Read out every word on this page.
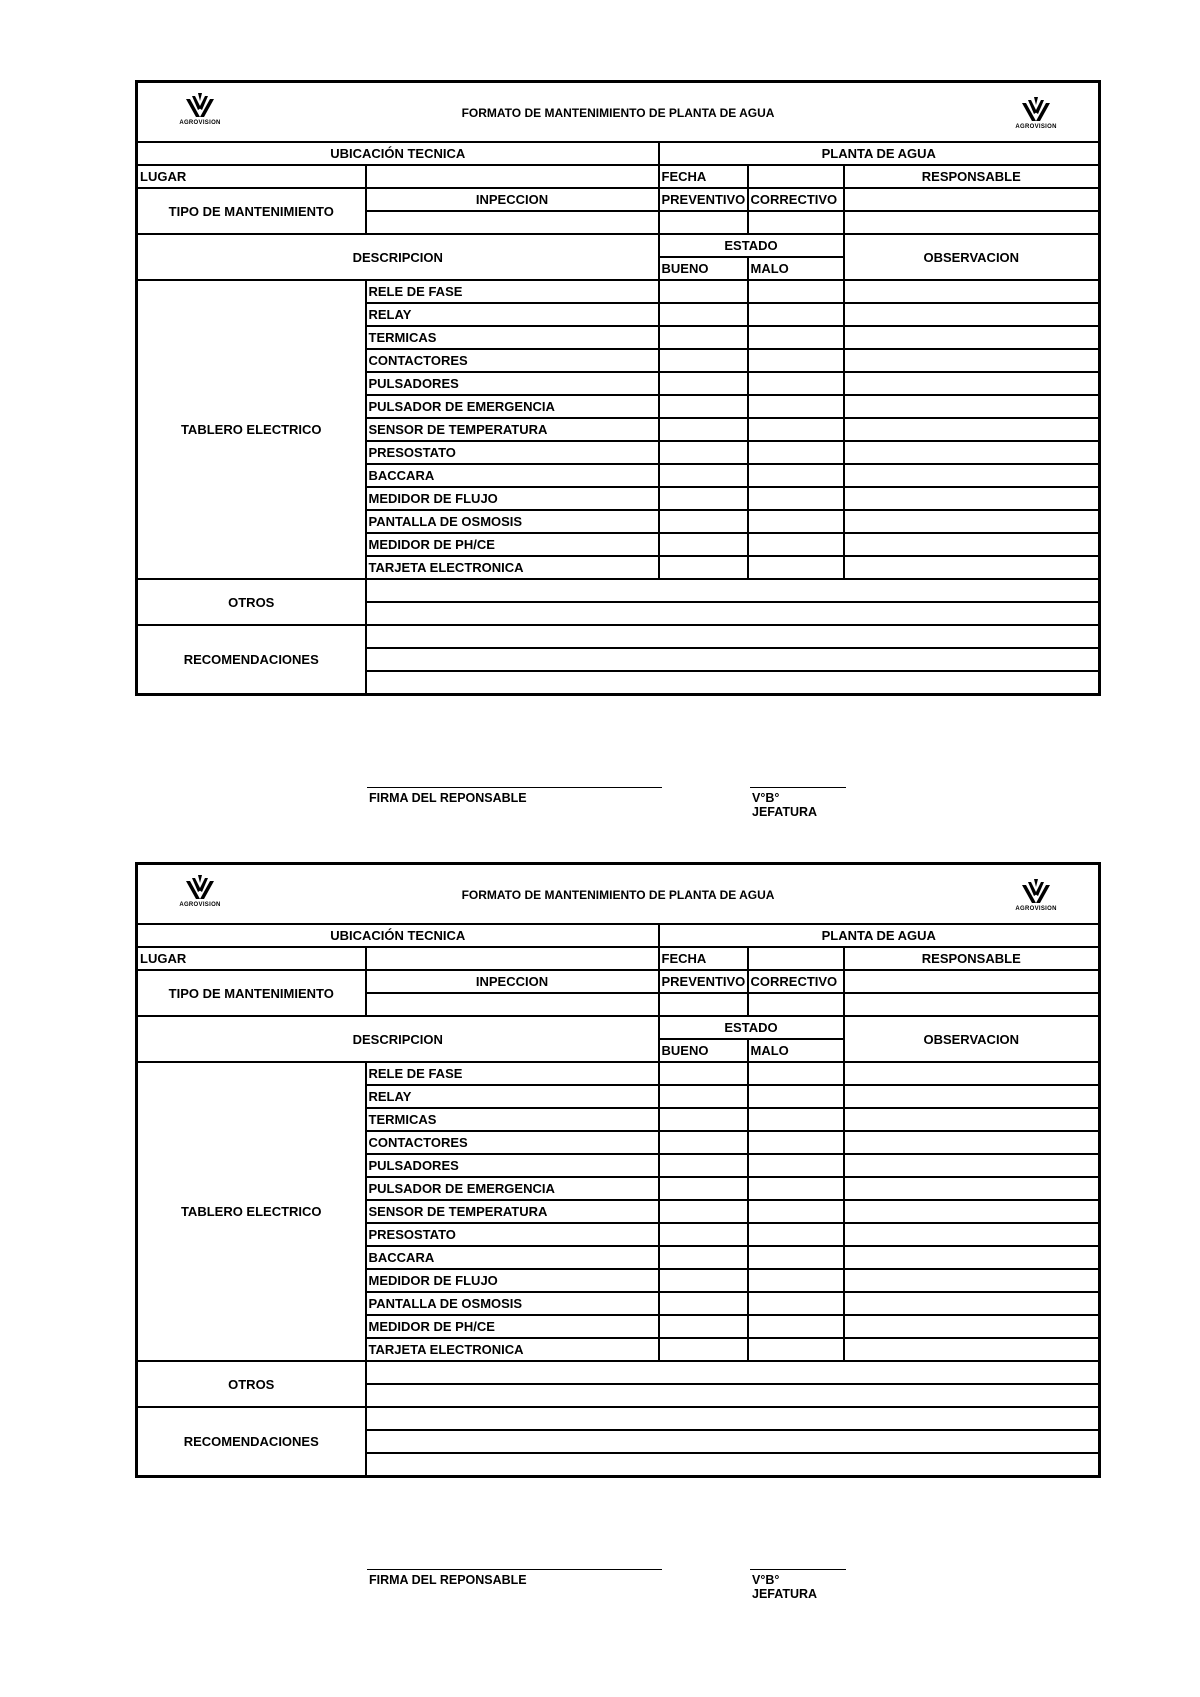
AGROVISION
FORMATO DE MANTENIMIENTO DE PLANTA DE AGUA
AGROVISION				

UBICACIÓN TECNICA		PLANTA DE AGUA		
LUGAR		FECHA		RESPONSABLE
TIPO DE MANTENIMIENTO	INPECCION	PREVENTIVO	CORRECTIVO	

DESCRIPCION		ESTADO		OBSERVACION
		BUENO	MALO	
TABLERO ELECTRICO	RELE DE FASE			
	RELAY			
	TERMICAS			
	CONTACTORES			
	PULSADORES			
	PULSADOR DE EMERGENCIA			
	SENSOR DE TEMPERATURA			
	PRESOSTATO			
	BACCARA			
	MEDIDOR DE FLUJO			
	PANTALLA DE OSMOSIS			
	MEDIDOR DE PH/CE			
	TARJETA ELECTRONICA			
OTROS				

RECOMENDACIONES				

FIRMA DEL REPONSABLE	V°B° JEFATURA
AGROVISION
FORMATO DE MANTENIMIENTO DE PLANTA DE AGUA
AGROVISION				

UBICACIÓN TECNICA		PLANTA DE AGUA		
LUGAR		FECHA		RESPONSABLE
TIPO DE MANTENIMIENTO	INPECCION	PREVENTIVO	CORRECTIVO	

DESCRIPCION		ESTADO		OBSERVACION
		BUENO	MALO	
TABLERO ELECTRICO	RELE DE FASE			
	RELAY			
	TERMICAS			
	CONTACTORES			
	PULSADORES			
	PULSADOR DE EMERGENCIA			
	SENSOR DE TEMPERATURA			
	PRESOSTATO			
	BACCARA			
	MEDIDOR DE FLUJO			
	PANTALLA DE OSMOSIS			
	MEDIDOR DE PH/CE			
	TARJETA ELECTRONICA			
OTROS				

RECOMENDACIONES				

FIRMA DEL REPONSABLE	V°B° JEFATURA
